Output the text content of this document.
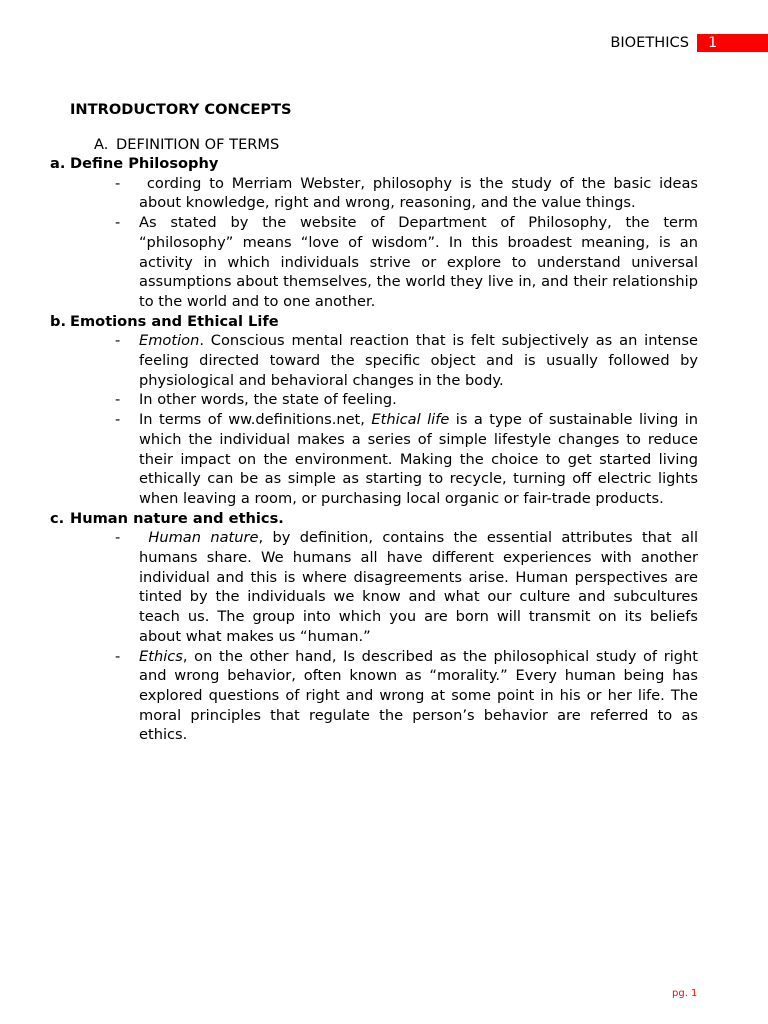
BIOETHICS	1
INTRODUCTORY CONCEPTS
A. DEFINITION OF TERMS
a. Define Philosophy
- cording to Merriam Webster, philosophy is the study of the basic ideas about knowledge, right and wrong, reasoning, and the value things.
- As stated by the website of Department of Philosophy, the term “philosophy” means “love of wisdom”. In this broadest meaning, is an activity in which individuals strive or explore to understand universal assumptions about themselves, the world they live in, and their relationship to the world and to one another.
b. Emotions and Ethical Life
- Emotion. Conscious mental reaction that is felt subjectively as an intense feeling directed toward the specific object and is usually followed by physiological and behavioral changes in the body.
- In other words, the state of feeling.
- In terms of ww.definitions.net, Ethical life is a type of sustainable living in which the individual makes a series of simple lifestyle changes to reduce their impact on the environment. Making the choice to get started living ethically can be as simple as starting to recycle, turning off electric lights when leaving a room, or purchasing local organic or fair-trade products.
c. Human nature and ethics.
- Human nature, by definition, contains the essential attributes that all humans share. We humans all have different experiences with another individual and this is where disagreements arise. Human perspectives are tinted by the individuals we know and what our culture and subcultures teach us. The group into which you are born will transmit on its beliefs about what makes us “human.”
- Ethics, on the other hand, Is described as the philosophical study of right and wrong behavior, often known as “morality.” Every human being has explored questions of right and wrong at some point in his or her life. The moral principles that regulate the person’s behavior are referred to as ethics.
pg. 1
